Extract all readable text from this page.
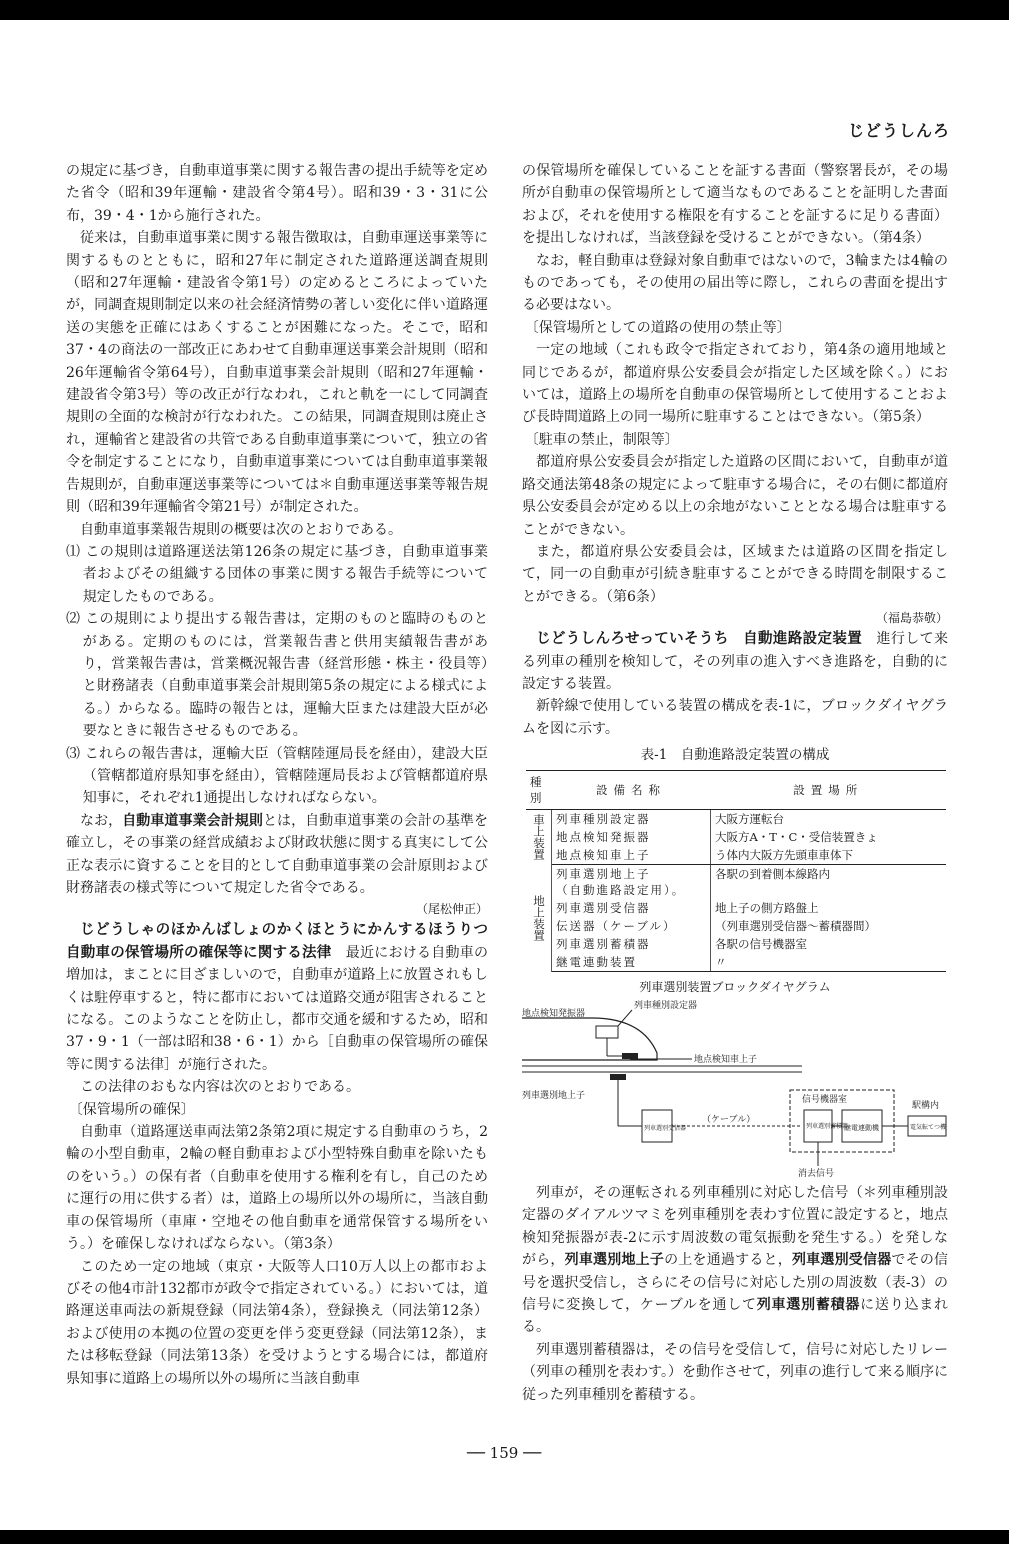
じどうしんろ

の規定に基づき，自動車道事業に関する報告書の提出手続等を定めた省令（昭和39年運輸・建設省令第4号）。昭和39・3・31に公布，39・4・1から施行された。

従来は，自動車道事業に関する報告徴取は，自動車運送事業等に関するものとともに，昭和27年に制定された道路運送調査規則（昭和27年運輸・建設省令第1号）の定めるところによっていたが，同調査規則制定以来の社会経済情勢の著しい変化に伴い道路運送の実態を正確にはあくすることが困難になった。そこで，昭和37・4の商法の一部改正にあわせて自動車運送事業会計規則（昭和26年運輸省令第64号），自動車道事業会計規則（昭和27年運輸・建設省令第3号）等の改正が行なわれ，これと軌を一にして同調査規則の全面的な検討が行なわれた。この結果，同調査規則は廃止され，運輸省と建設省の共管である自動車道事業について，独立の省令を制定することになり，自動車道事業については自動車道事業報告規則が，自動車運送事業等については＊自動車運送事業等報告規則（昭和39年運輸省令第21号）が制定された。

自動車道事業報告規則の概要は次のとおりである。

⑴ この規則は道路運送法第126条の規定に基づき，自動車道事業者およびその組織する団体の事業に関する報告手続等について規定したものである。

⑵ この規則により提出する報告書は，定期のものと臨時のものとがある。定期のものには，営業報告書と供用実績報告書があり，営業報告書は，営業概況報告書（経営形態・株主・役員等）と財務諸表（自動車道事業会計規則第5条の規定による様式による。）からなる。臨時の報告とは，運輸大臣または建設大臣が必要なときに報告させるものである。

⑶ これらの報告書は，運輸大臣（管轄陸運局長を経由），建設大臣（管轄都道府県知事を経由），管轄陸運局長および管轄都道府県知事に，それぞれ1通提出しなければならない。

なお，自動車道事業会計規則とは，自動車道事業の会計の基準を確立し，その事業の経営成績および財政状態に関する真実にして公正な表示に資することを目的として自動車道事業の会計原則および財務諸表の様式等について規定した省令である。

（尾松伸正）

じどうしゃのほかんばしょのかくほとうにかんするほうりつ　自動車の保管場所の確保等に関する法律　 最近における自動車の増加は，まことに目ざましいので，自動車が道路上に放置されもしくは駐停車すると，特に都市においては道路交通が阻害されることになる。このようなことを防止し，都市交通を緩和するため，昭和37・9・1（一部は昭和38・6・1）から［自動車の保管場所の確保等に関する法律］が施行された。

この法律のおもな内容は次のとおりである。

〔保管場所の確保〕

自動車（道路運送車両法第2条第2項に規定する自動車のうち，2輪の小型自動車，2輪の軽自動車および小型特殊自動車を除いたものをいう。）の保有者（自動車を使用する権利を有し，自己のために運行の用に供する者）は，道路上の場所以外の場所に，当該自動車の保管場所（車庫・空地その他自動車を通常保管する場所をいう。）を確保しなければならない。（第3条）

このため一定の地域（東京・大阪等人口10万人以上の都市およびその他4市計132都市が政令で指定されている。）においては，道路運送車両法の新規登録（同法第4条），登録換え（同法第12条）および使用の本拠の位置の変更を伴う変更登録（同法第12条），または移転登録（同法第13条）を受けようとする場合には，都道府県知事に道路上の場所以外の場所に当該自動車

の保管場所を確保していることを証する書面（警察署長が，その場所が自動車の保管場所として適当なものであることを証明した書面および，それを使用する権限を有することを証するに足りる書面）を提出しなければ，当該登録を受けることができない。（第4条）

なお，軽自動車は登録対象自動車ではないので，3輪または4輪のものであっても，その使用の届出等に際し，これらの書面を提出する必要はない。

〔保管場所としての道路の使用の禁止等〕

一定の地域（これも政令で指定されており，第4条の適用地域と同じであるが，都道府県公安委員会が指定した区域を除く。）においては，道路上の場所を自動車の保管場所として使用することおよび長時間道路上の同一場所に駐車することはできない。（第5条）

〔駐車の禁止，制限等〕

都道府県公安委員会が指定した道路の区間において，自動車が道路交通法第48条の規定によって駐車する場合に，その右側に都道府県公安委員会が定める以上の余地がないこととなる場合は駐車することができない。

また，都道府県公安委員会は，区域または道路の区間を指定して，同一の自動車が引続き駐車することができる時間を制限することができる。（第6条）

（福島恭敬）

じどうしんろせっていそうち　 自動進路設定装置　 進行して来る列車の種別を検知して，その列車の進入すべき進路を，自動的に設定する装置。

新幹線で使用している装置の構成を表-1に，ブロックダイヤグラムを図に示す。

表-1　自動進路設定装置の構成
種別	設備名称	設置場所
車上装置	列車種別設定器	大阪方運転台
	地点検知発振器	大阪方A・T・C・受信装置きょ
	地点検知車上子	う体内大阪方先頭車車体下
地上装置	列車選別地上子
（自動進路設定用）。	各駅の到着側本線路内
	列車選別受信器	地上子の側方路盤上
	伝送器（ケーブル）	（列車選別受信器～蓄積器間）
	列車選別蓄積器	各駅の信号機器室
	継電連動装置	〃
列車選別装置ブロックダイヤグラム
列車種別設定器
地点検知発振器
地点検知車上子
列車選別地上子
列車選別受信器
（ケーブル）
信号機器室
列車選別蓄積器
継電連動機	電気転てつ機
駅構内
消去信号

列車が，その運転される列車種別に対応した信号（＊列車種別設定器のダイアルツマミを列車種別を表わす位置に設定すると，地点検知発振器が表-2に示す周波数の電気振動を発生する。）を発しながら，列車選別地上子の上を通過すると，列車選別受信器でその信号を選択受信し，さらにその信号に対応した別の周波数（表-3）の信号に変換して，ケーブルを通して列車選別蓄積器に送り込まれる。

列車選別蓄積器は，その信号を受信して，信号に対応したリレー（列車の種別を表わす。）を動作させて，列車の進行して来る順序に従った列車種別を蓄積する。

── 159 ──
